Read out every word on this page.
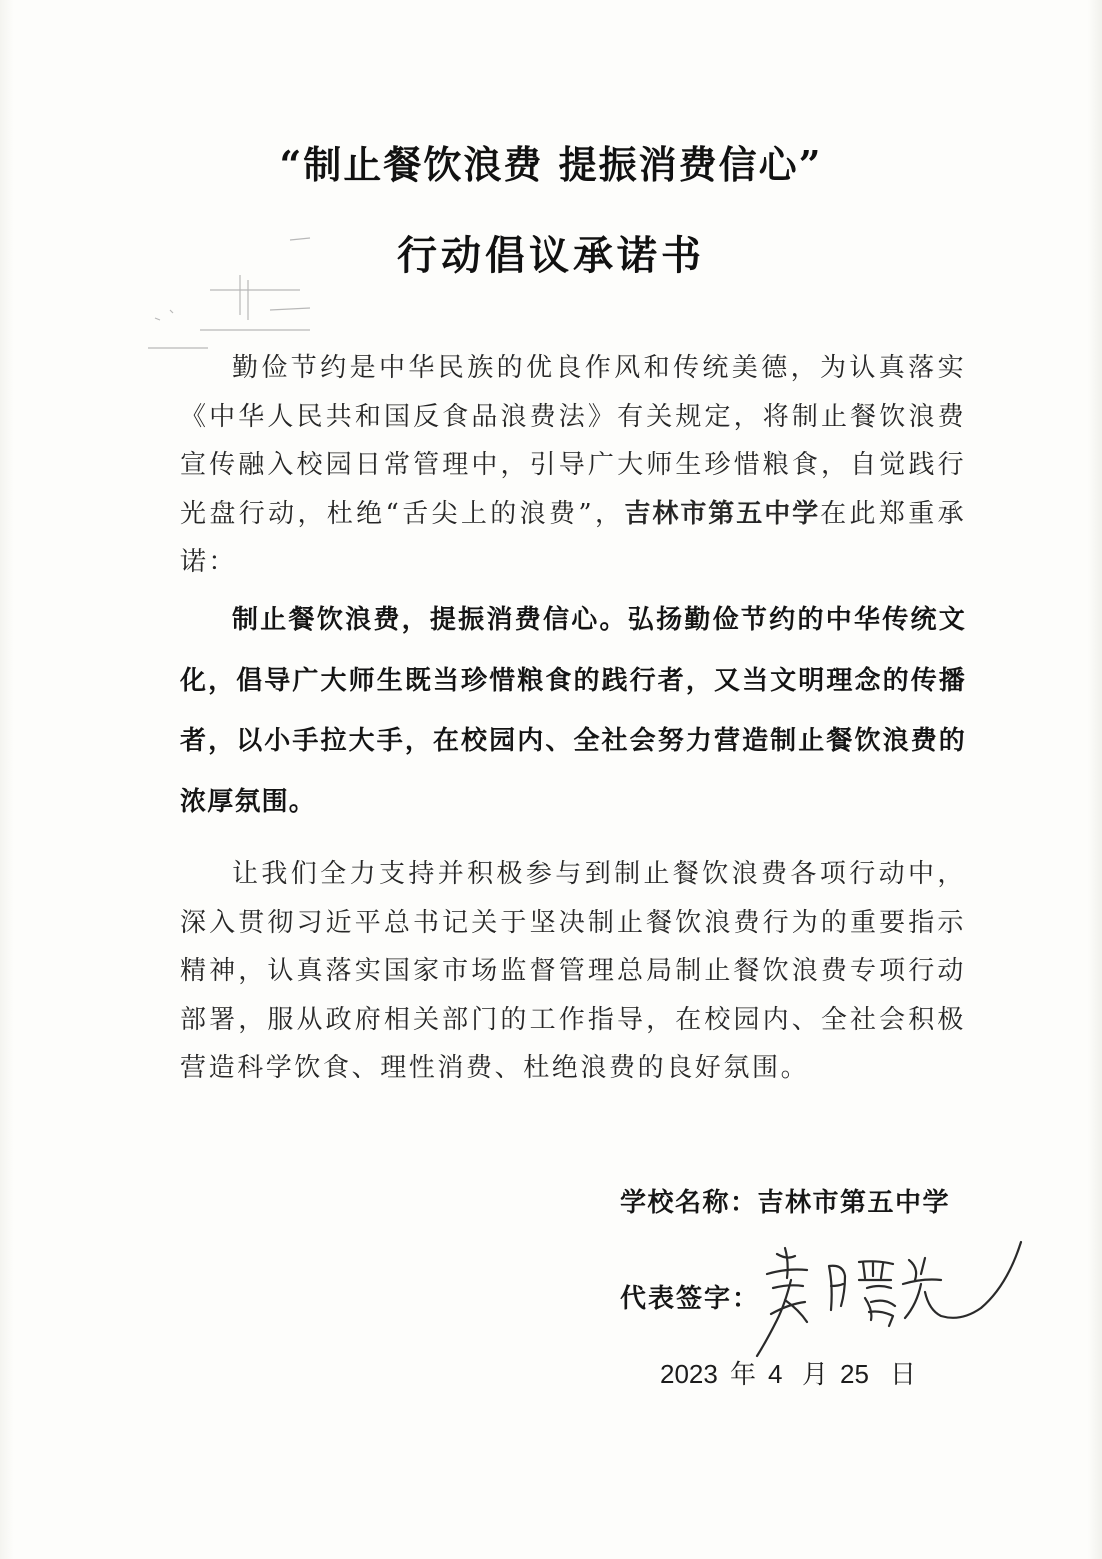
“制止餐饮浪费 提振消费信心”
行动倡议承诺书

勤俭节约是中华民族的优良作风和传统美德，为认真落实《中华人民共和国反食品浪费法》有关规定，将制止餐饮浪费宣传融入校园日常管理中，引导广大师生珍惜粮食，自觉践行光盘行动，杜绝“舌尖上的浪费”，吉林市第五中学在此郑重承诺：

制止餐饮浪费，提振消费信心。弘扬勤俭节约的中华传统文化，倡导广大师生既当珍惜粮食的践行者，又当文明理念的传播者，以小手拉大手，在校园内、全社会努力营造制止餐饮浪费的浓厚氛围。

让我们全力支持并积极参与到制止餐饮浪费各项行动中，深入贯彻习近平总书记关于坚决制止餐饮浪费行为的重要指示精神，认真落实国家市场监督管理总局制止餐饮浪费专项行动部署，服从政府相关部门的工作指导，在校园内、全社会积极营造科学饮食、理性消费、杜绝浪费的良好氛围。

学校名称：吉林市第五中学

代表签字：

2023 年 4 月 25 日
